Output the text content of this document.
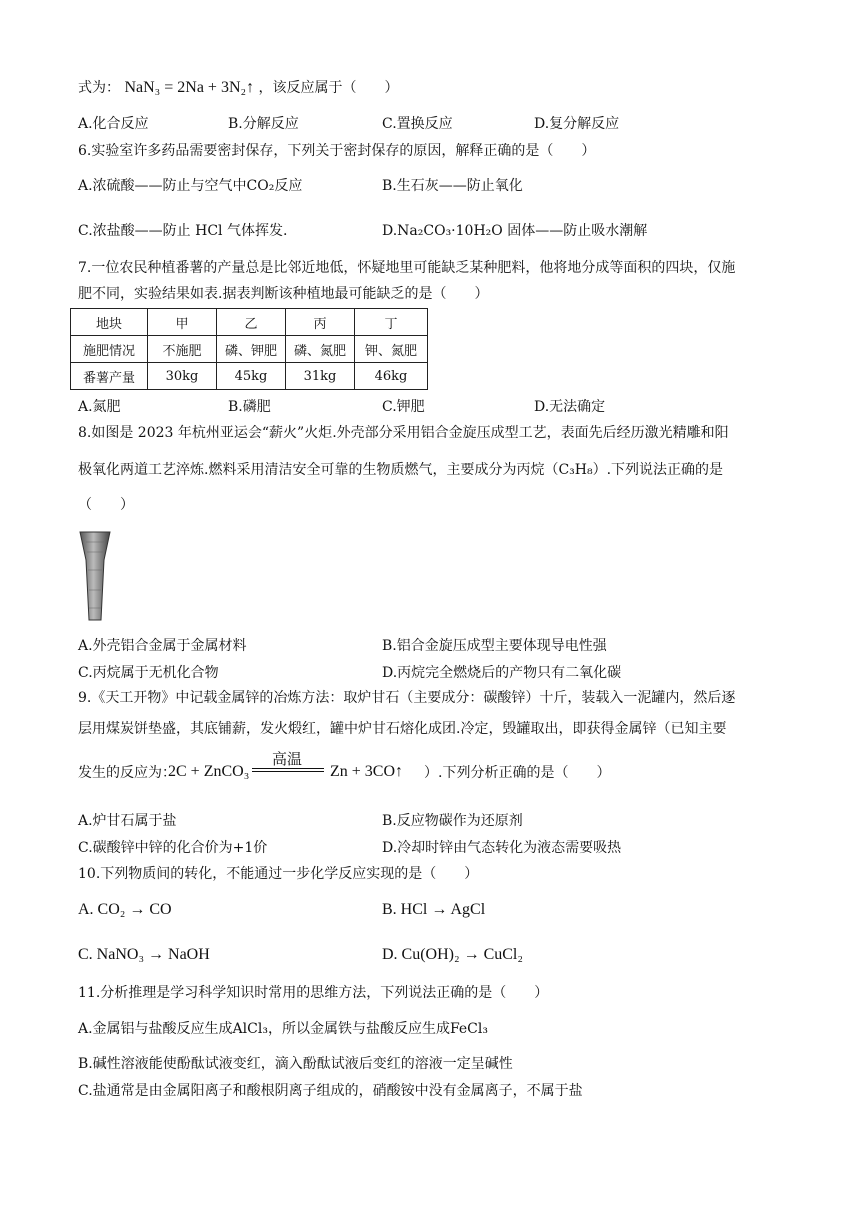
式为： NaN₃ = 2Na + 3N₂↑ ，该反应属于（　　）
A.化合反应	B.分解反应	C.置换反应	D.复分解反应
6.实验室许多药品需要密封保存，下列关于密封保存的原因，解释正确的是（　　）
A.浓硫酸——防止与空气中CO₂反应	B.生石灰——防止氧化
C.浓盐酸——防止 HCl 气体挥发.	D.Na₂CO₃·10H₂O 固体——防止吸水潮解
7.一位农民种植番薯的产量总是比邻近地低，怀疑地里可能缺乏某种肥料，他将地分成等面积的四块，仅施
肥不同，实验结果如表.据表判断该种植地最可能缺乏的是（　　）
地块	甲	乙	丙	丁
施肥情况	不施肥	磷、钾肥	磷、氮肥	钾、氮肥
番薯产量	30kg	45kg	31kg	46kg
A.氮肥	B.磷肥	C.钾肥	D.无法确定
8.如图是 2023 年杭州亚运会“薪火”火炬.外壳部分采用铝合金旋压成型工艺，表面先后经历激光精雕和阳
极氧化两道工艺淬炼.燃料采用清洁安全可靠的生物质燃气，主要成分为丙烷（C₃H₈）.下列说法正确的是
（　　）
A.外壳铝合金属于金属材料	B.铝合金旋压成型主要体现导电性强
C.丙烷属于无机化合物	D.丙烷完全燃烧后的产物只有二氧化碳
9.《天工开物》中记载金属锌的冶炼方法：取炉甘石（主要成分：碳酸锌）十斤，装载入一泥罐内，然后逐
层用煤炭饼垫盛，其底铺薪，发火煅红，罐中炉甘石熔化成团.冷定，毁罐取出，即获得金属锌（已知主要
高温
发生的反应为：
2C + ZnCO₃	Zn + 3CO↑ ）.下列分析正确的是（　　）
A.炉甘石属于盐	B.反应物碳作为还原剂
C.碳酸锌中锌的化合价为+1价	D.冷却时锌由气态转化为液态需要吸热
10.下列物质间的转化，不能通过一步化学反应实现的是（　　）
A. CO₂ → CO	B. HCl → AgCl
C. NaNO₃ → NaOH	D. Cu(OH)₂ → CuCl₂
11.分析推理是学习科学知识时常用的思维方法，下列说法正确的是（　　）
A.金属铝与盐酸反应生成AlCl₃，所以金属铁与盐酸反应生成FeCl₃
B.碱性溶液能使酚酞试液变红，滴入酚酞试液后变红的溶液一定呈碱性
C.盐通常是由金属阳离子和酸根阴离子组成的，硝酸铵中没有金属离子，不属于盐
